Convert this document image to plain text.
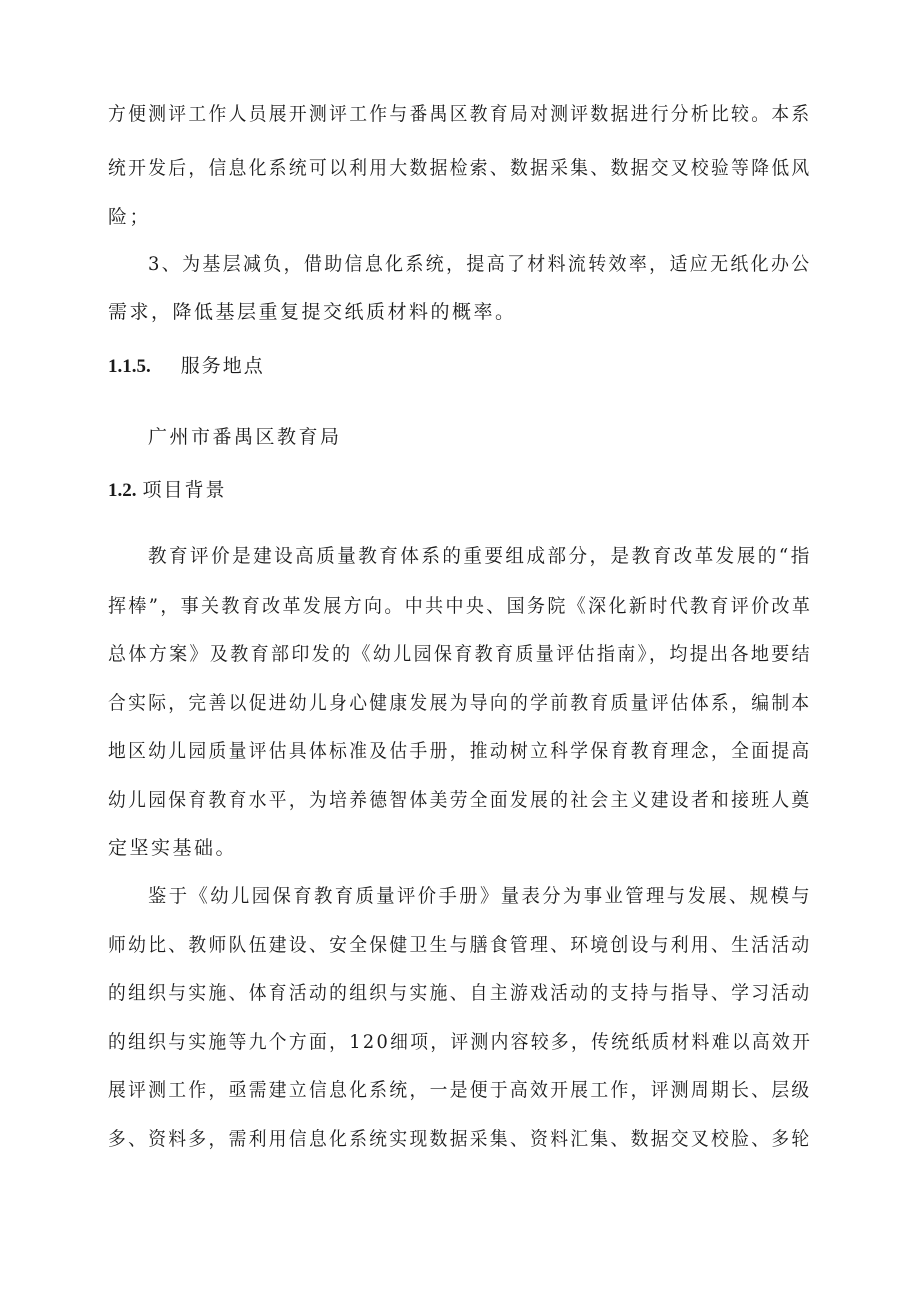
方便测评工作人员展开测评工作与番禺区教育局对测评数据进行分析比较。本系
统开发后，信息化系统可以利用大数据检索、数据采集、数据交叉校验等降低风
险；
3、为基层减负，借助信息化系统，提高了材料流转效率，适应无纸化办公
需求，降低基层重复提交纸质材料的概率。
1.1.5. 服务地点
广州市番禺区教育局
1.2. 项目背景
教育评价是建设高质量教育体系的重要组成部分，是教育改革发展的“指
挥棒”，事关教育改革发展方向。中共中央、国务院《深化新时代教育评价改革
总体方案》及教育部印发的《幼儿园保育教育质量评估指南》，均提出各地要结
合实际，完善以促进幼儿身心健康发展为导向的学前教育质量评估体系，编制本
地区幼儿园质量评估具体标准及估手册，推动树立科学保育教育理念，全面提高
幼儿园保育教育水平，为培养德智体美劳全面发展的社会主义建设者和接班人奠
定坚实基础。
鉴于《幼儿园保育教育质量评价手册》量表分为事业管理与发展、规模与
师幼比、教师队伍建设、安全保健卫生与膳食管理、环境创设与利用、生活活动
的组织与实施、体育活动的组织与实施、自主游戏活动的支持与指导、学习活动
的组织与实施等九个方面，120细项，评测内容较多，传统纸质材料难以高效开
展评测工作，亟需建立信息化系统，一是便于高效开展工作，评测周期长、层级
多、资料多，需利用信息化系统实现数据采集、资料汇集、数据交叉校脸、多轮
